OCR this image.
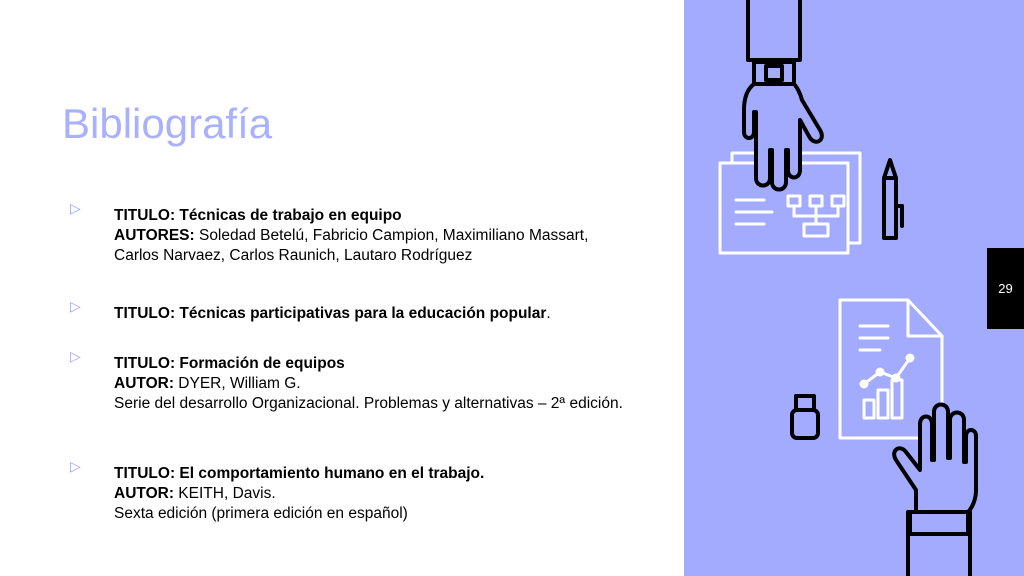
Bibliografía
▷ TITULO: Técnicas de trabajo en equipo
AUTORES: Soledad Betelú, Fabricio Campion, Maximiliano Massart, Carlos Narvaez, Carlos Raunich, Lautaro Rodríguez
▷ TITULO: Técnicas participativas para la educación popular.
▷ TITULO: Formación de equipos
AUTOR: DYER, William G.
Serie del desarrollo Organizacional. Problemas y alternativas – 2ª edición.
▷ TITULO: El comportamiento humano en el trabajo.
AUTOR: KEITH, Davis.
Sexta edición (primera edición en español)
29
